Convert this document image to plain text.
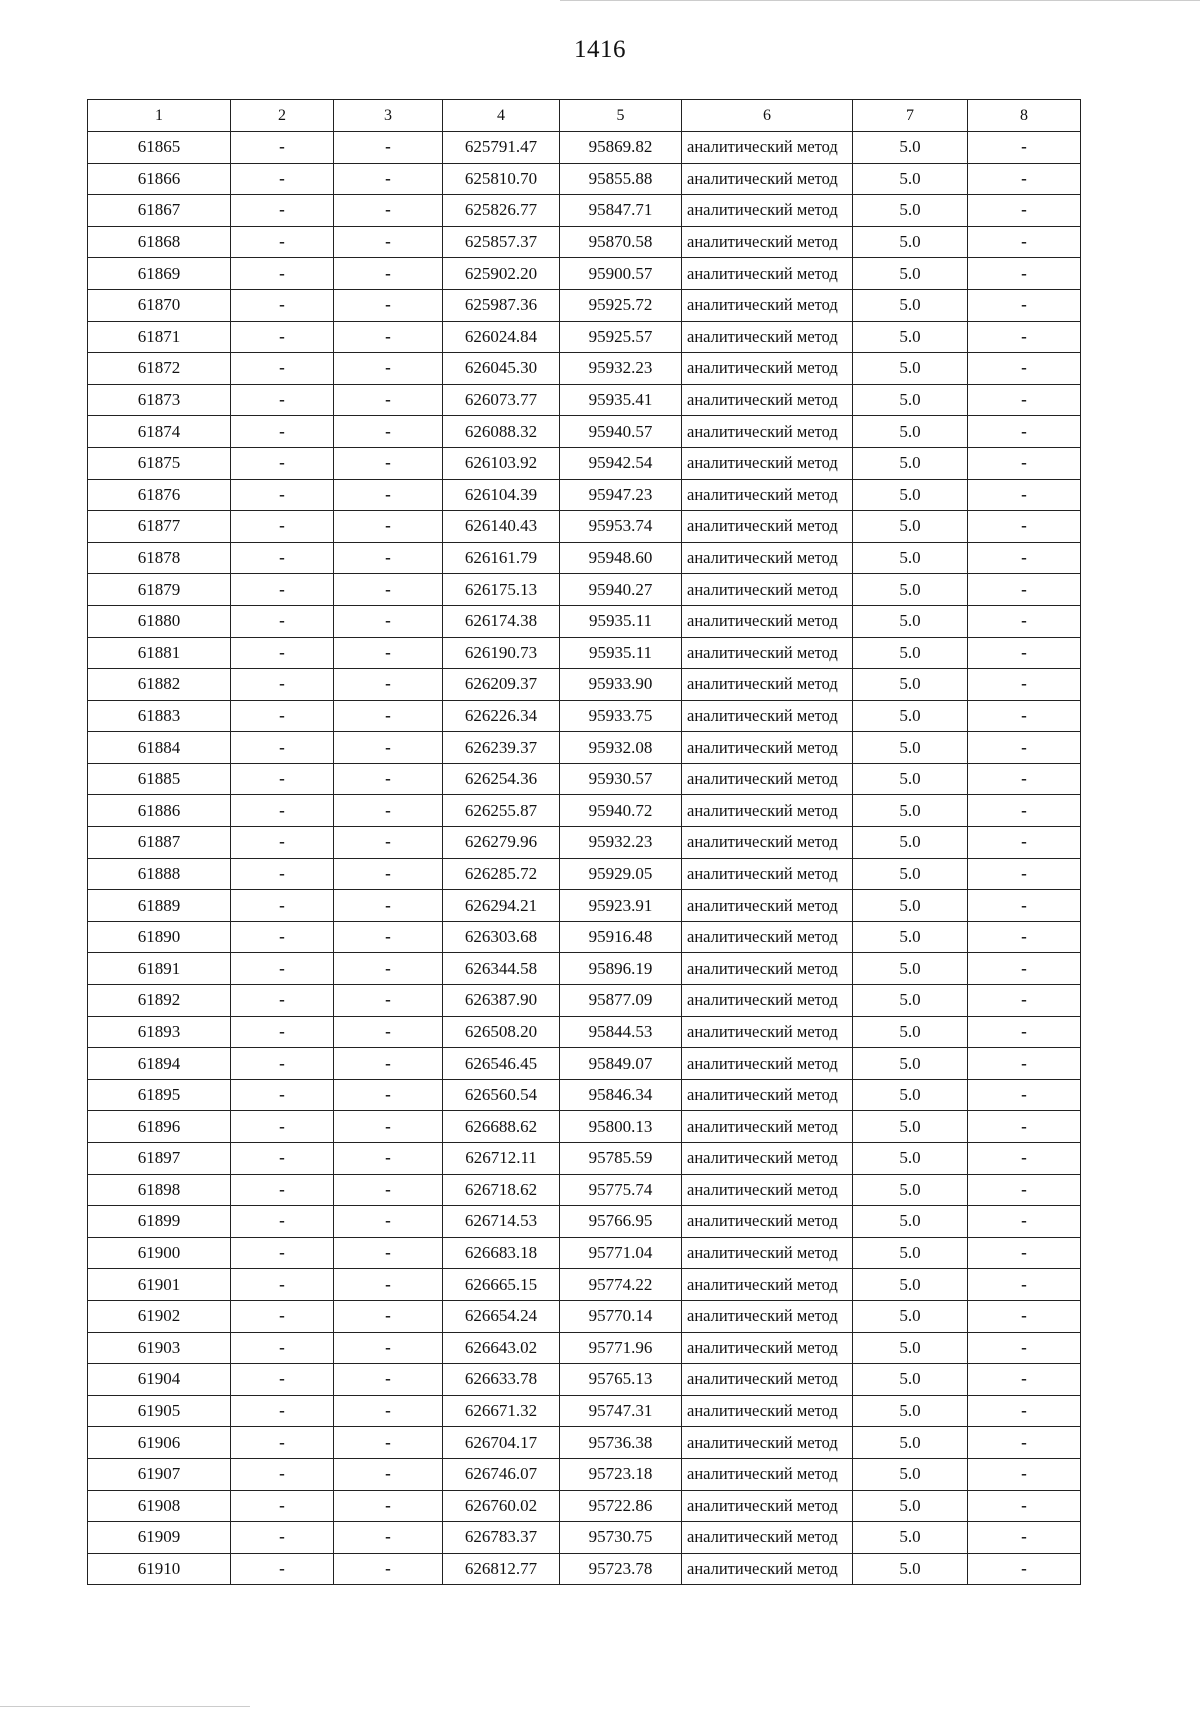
1416
1	2	3	4	5	6	7	8
61865	-	-	625791.47	95869.82	аналитический метод	5.0	-
61866	-	-	625810.70	95855.88	аналитический метод	5.0	-
61867	-	-	625826.77	95847.71	аналитический метод	5.0	-
61868	-	-	625857.37	95870.58	аналитический метод	5.0	-
61869	-	-	625902.20	95900.57	аналитический метод	5.0	-
61870	-	-	625987.36	95925.72	аналитический метод	5.0	-
61871	-	-	626024.84	95925.57	аналитический метод	5.0	-
61872	-	-	626045.30	95932.23	аналитический метод	5.0	-
61873	-	-	626073.77	95935.41	аналитический метод	5.0	-
61874	-	-	626088.32	95940.57	аналитический метод	5.0	-
61875	-	-	626103.92	95942.54	аналитический метод	5.0	-
61876	-	-	626104.39	95947.23	аналитический метод	5.0	-
61877	-	-	626140.43	95953.74	аналитический метод	5.0	-
61878	-	-	626161.79	95948.60	аналитический метод	5.0	-
61879	-	-	626175.13	95940.27	аналитический метод	5.0	-
61880	-	-	626174.38	95935.11	аналитический метод	5.0	-
61881	-	-	626190.73	95935.11	аналитический метод	5.0	-
61882	-	-	626209.37	95933.90	аналитический метод	5.0	-
61883	-	-	626226.34	95933.75	аналитический метод	5.0	-
61884	-	-	626239.37	95932.08	аналитический метод	5.0	-
61885	-	-	626254.36	95930.57	аналитический метод	5.0	-
61886	-	-	626255.87	95940.72	аналитический метод	5.0	-
61887	-	-	626279.96	95932.23	аналитический метод	5.0	-
61888	-	-	626285.72	95929.05	аналитический метод	5.0	-
61889	-	-	626294.21	95923.91	аналитический метод	5.0	-
61890	-	-	626303.68	95916.48	аналитический метод	5.0	-
61891	-	-	626344.58	95896.19	аналитический метод	5.0	-
61892	-	-	626387.90	95877.09	аналитический метод	5.0	-
61893	-	-	626508.20	95844.53	аналитический метод	5.0	-
61894	-	-	626546.45	95849.07	аналитический метод	5.0	-
61895	-	-	626560.54	95846.34	аналитический метод	5.0	-
61896	-	-	626688.62	95800.13	аналитический метод	5.0	-
61897	-	-	626712.11	95785.59	аналитический метод	5.0	-
61898	-	-	626718.62	95775.74	аналитический метод	5.0	-
61899	-	-	626714.53	95766.95	аналитический метод	5.0	-
61900	-	-	626683.18	95771.04	аналитический метод	5.0	-
61901	-	-	626665.15	95774.22	аналитический метод	5.0	-
61902	-	-	626654.24	95770.14	аналитический метод	5.0	-
61903	-	-	626643.02	95771.96	аналитический метод	5.0	-
61904	-	-	626633.78	95765.13	аналитический метод	5.0	-
61905	-	-	626671.32	95747.31	аналитический метод	5.0	-
61906	-	-	626704.17	95736.38	аналитический метод	5.0	-
61907	-	-	626746.07	95723.18	аналитический метод	5.0	-
61908	-	-	626760.02	95722.86	аналитический метод	5.0	-
61909	-	-	626783.37	95730.75	аналитический метод	5.0	-
61910	-	-	626812.77	95723.78	аналитический метод	5.0	-
